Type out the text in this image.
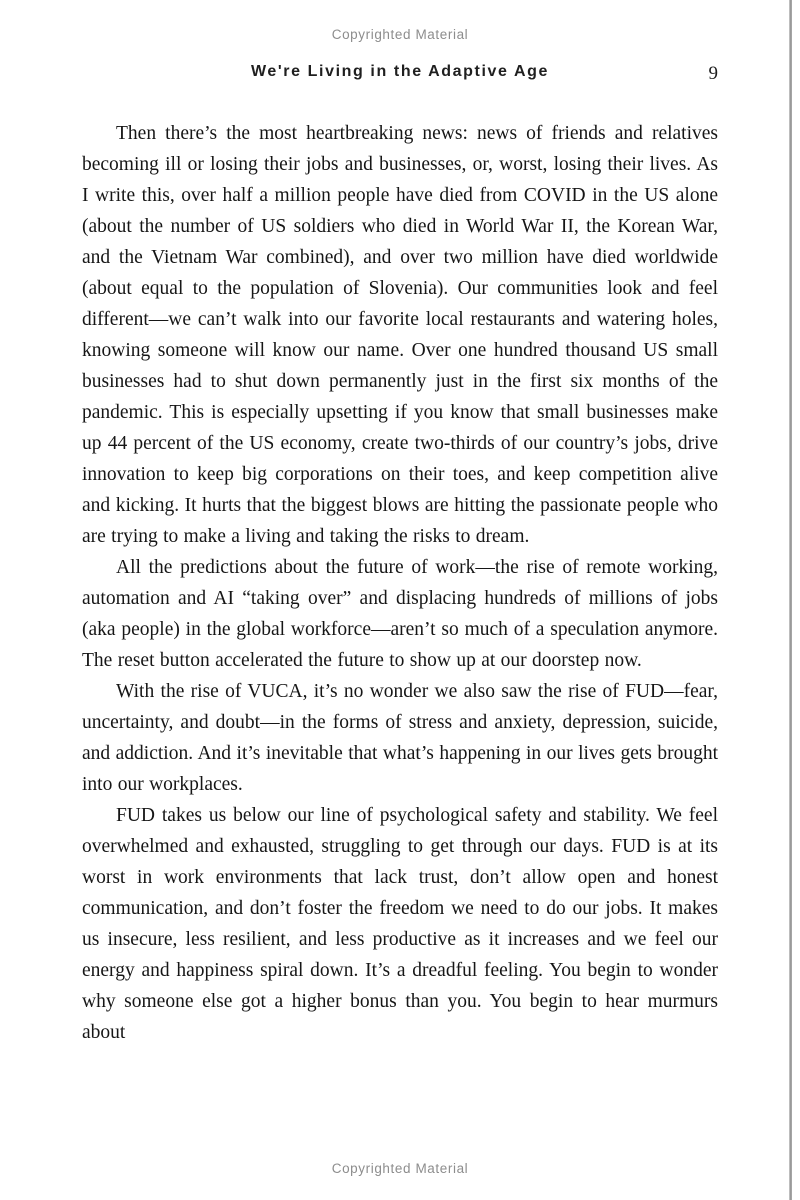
Copyrighted Material
We're Living in the Adaptive Age	9

Then there’s the most heartbreaking news: news of friends and relatives becoming ill or losing their jobs and businesses, or, worst, losing their lives. As I write this, over half a million people have died from COVID in the US alone (about the number of US soldiers who died in World War II, the Korean War, and the Vietnam War combined), and over two million have died worldwide (about equal to the population of Slovenia). Our communities look and feel different—we can’t walk into our favorite local restaurants and watering holes, knowing someone will know our name. Over one hundred thousand US small businesses had to shut down permanently just in the first six months of the pandemic. This is especially upsetting if you know that small businesses make up 44 percent of the US economy, create two-thirds of our country’s jobs, drive innovation to keep big corporations on their toes, and keep competition alive and kicking. It hurts that the biggest blows are hitting the passionate people who are trying to make a living and taking the risks to dream.

All the predictions about the future of work—the rise of remote working, automation and AI “taking over” and displacing hundreds of millions of jobs (aka people) in the global workforce—aren’t so much of a speculation anymore. The reset button accelerated the future to show up at our doorstep now.

With the rise of VUCA, it’s no wonder we also saw the rise of FUD—fear, uncertainty, and doubt—in the forms of stress and anxiety, depression, suicide, and addiction. And it’s inevitable that what’s happening in our lives gets brought into our workplaces.

FUD takes us below our line of psychological safety and stability. We feel overwhelmed and exhausted, struggling to get through our days. FUD is at its worst in work environments that lack trust, don’t allow open and honest communication, and don’t foster the freedom we need to do our jobs. It makes us insecure, less resilient, and less productive as it increases and we feel our energy and happiness spiral down. It’s a dreadful feeling. You begin to wonder why someone else got a higher bonus than you. You begin to hear murmurs about

Copyrighted Material
